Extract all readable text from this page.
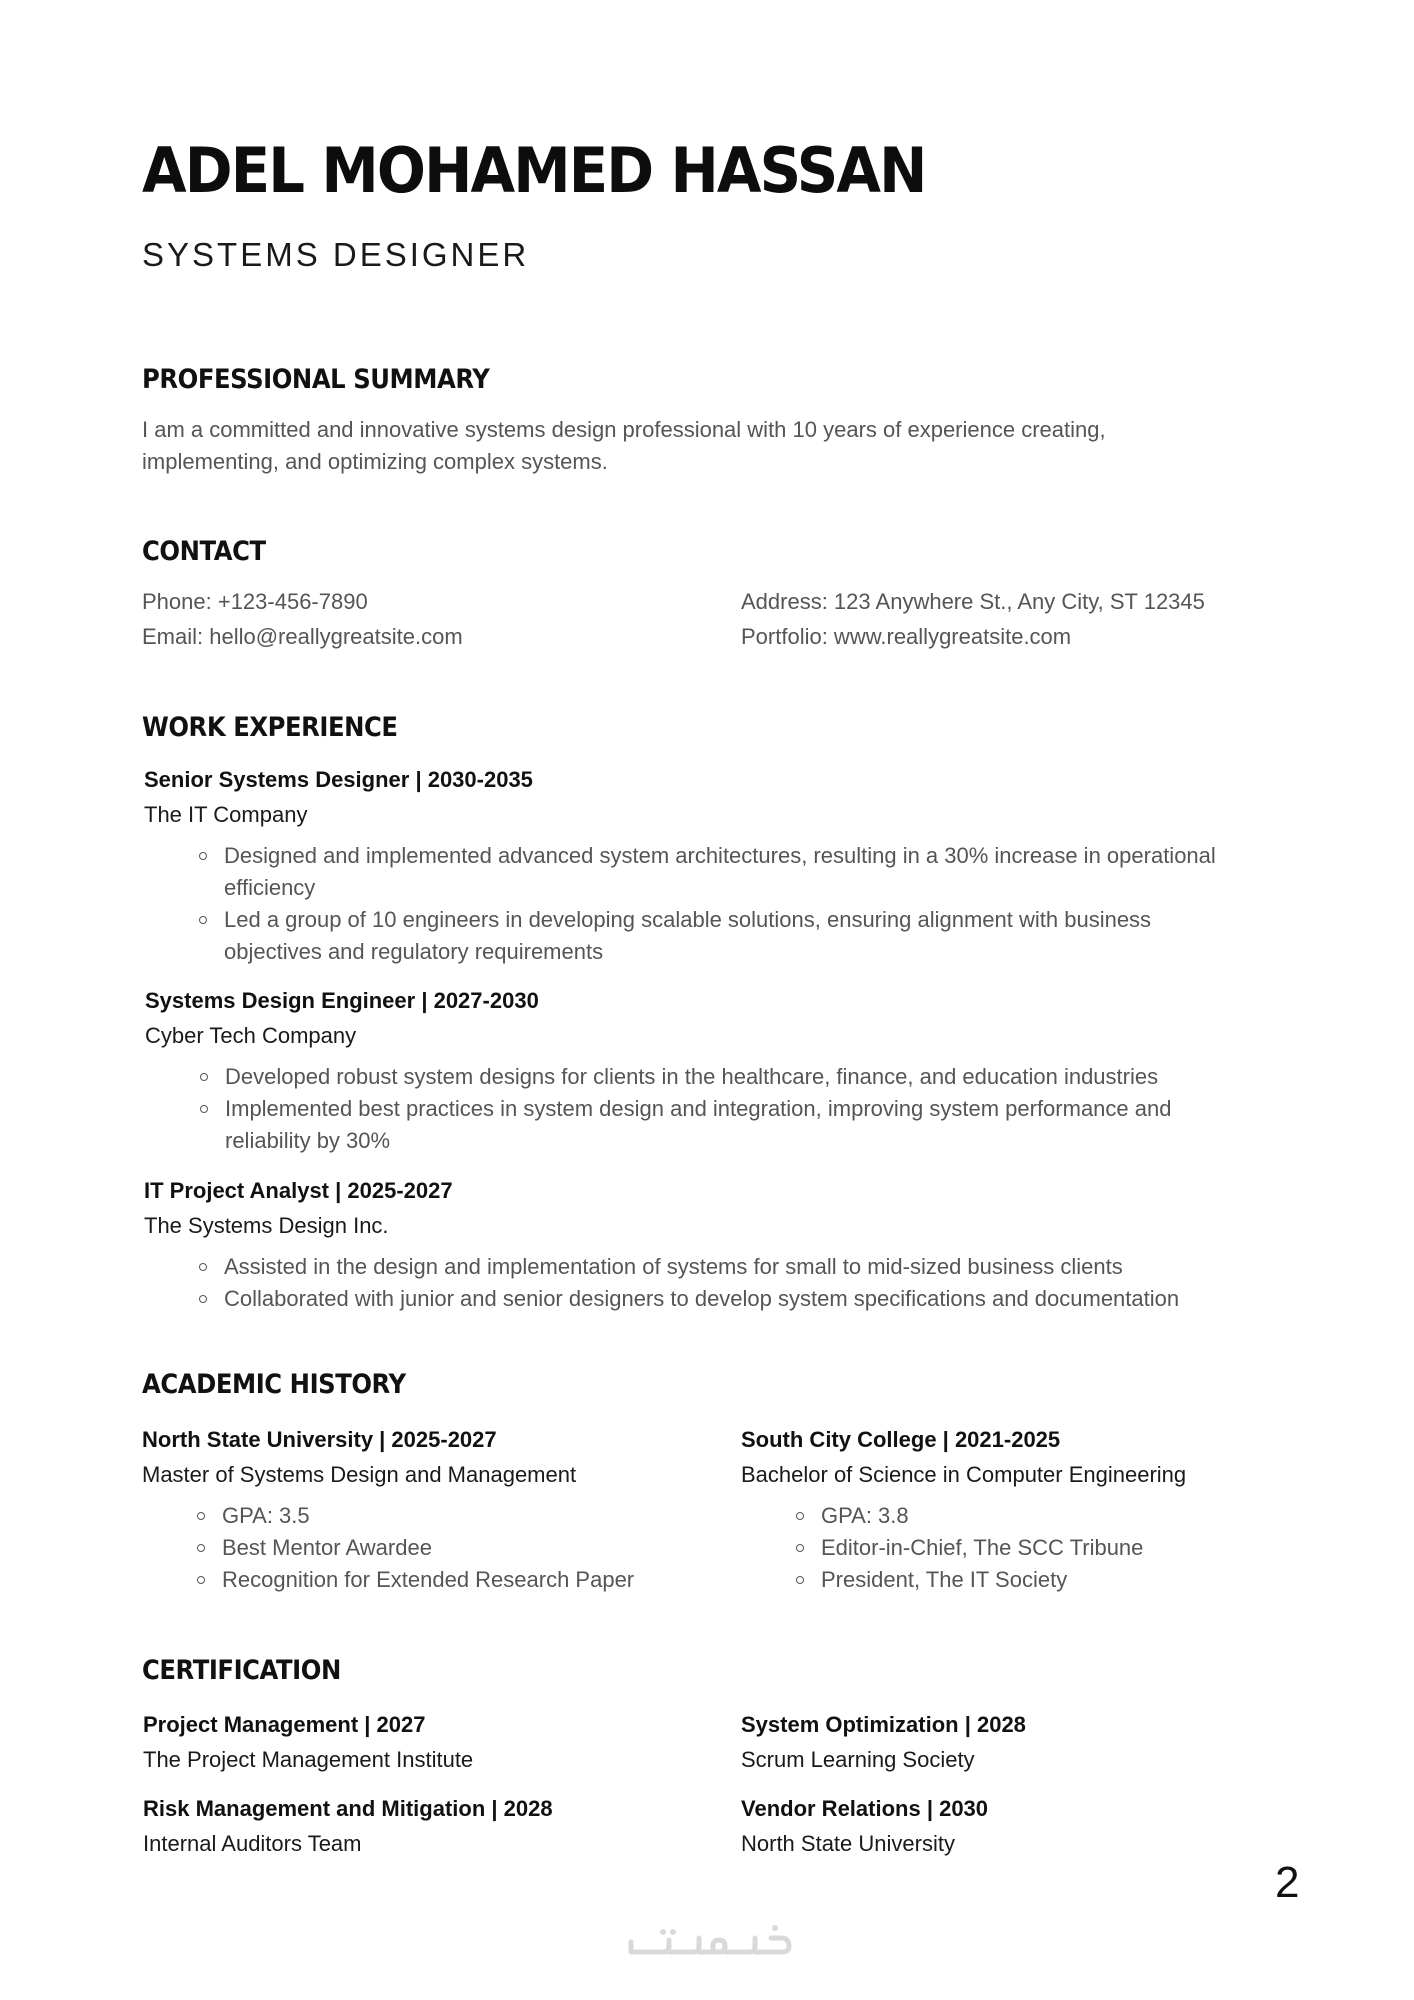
ADEL MOHAMED HASSAN
SYSTEMS DESIGNER
PROFESSIONAL SUMMARY

I am a committed and innovative systems design professional with 10 years of experience creating, implementing, and optimizing complex systems.

CONTACT

Phone: +123-456-7890

Email: hello@reallygreatsite.com

Address: 123 Anywhere St., Any City, ST 12345

Portfolio: www.reallygreatsite.com

WORK EXPERIENCE

Senior Systems Designer | 2030-2035

The IT Company

Designed and implemented advanced system architectures, resulting in a 30% increase in operational efficiency
Led a group of 10 engineers in developing scalable solutions, ensuring alignment with business objectives and regulatory requirements

Systems Design Engineer | 2027-2030

Cyber Tech Company

Developed robust system designs for clients in the healthcare, finance, and education industries
Implemented best practices in system design and integration, improving system performance and reliability by 30%

IT Project Analyst | 2025-2027

The Systems Design Inc.

Assisted in the design and implementation of systems for small to mid-sized business clients
Collaborated with junior and senior designers to develop system specifications and documentation
ACADEMIC HISTORY

North State University | 2025-2027

Master of Systems Design and Management

GPA: 3.5
Best Mentor Awardee
Recognition for Extended Research Paper

South City College | 2021-2025

Bachelor of Science in Computer Engineering

GPA: 3.8
Editor-in-Chief, The SCC Tribune
President, The IT Society
CERTIFICATION

Project Management | 2027

The Project Management Institute

System Optimization | 2028

Scrum Learning Society

Risk Management and Mitigation | 2028

Internal Auditors Team

Vendor Relations | 2030

North State University

2
